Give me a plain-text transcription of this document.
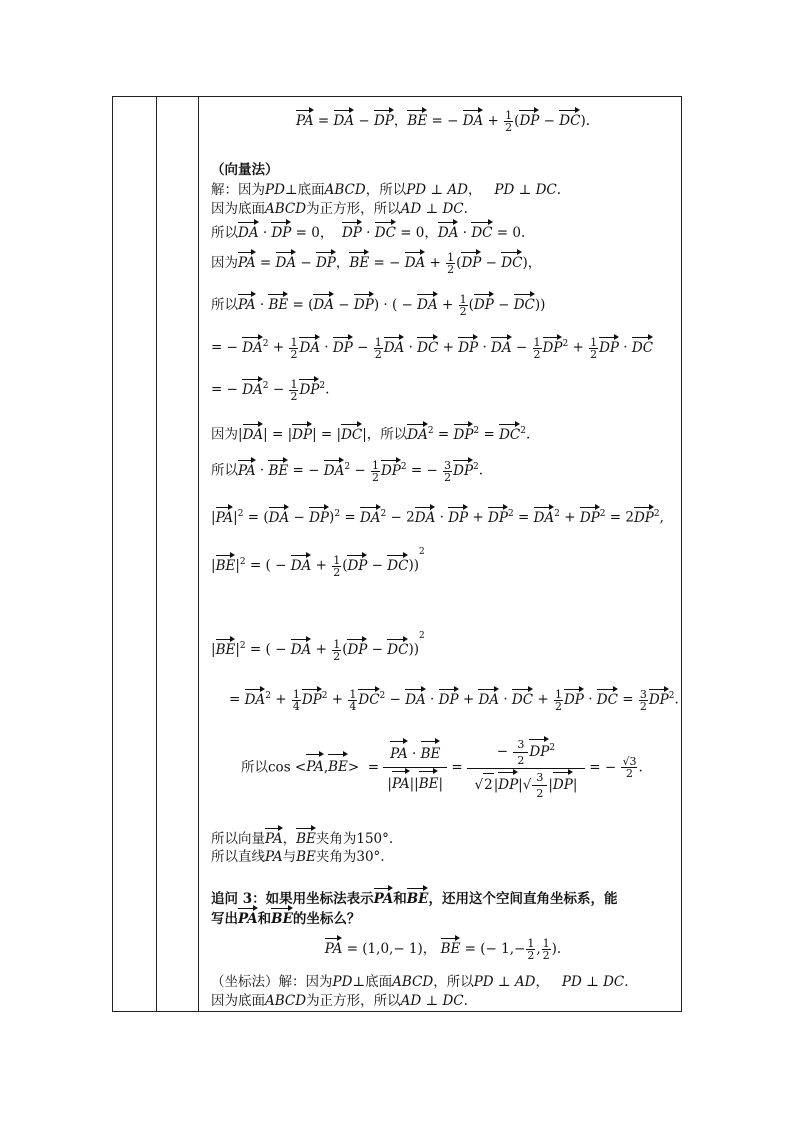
PA = DA − DP，BE = − DA + $\frac{1}{2} (DP - DC)$.
（向量法）
解：因为PD⊥底面ABCD，所以PD ⊥ AD，   PD ⊥ DC.
因为底面ABCD为正方形，所以AD ⊥ DC.
所以DA · DP = 0，  DP · DC = 0，DA · DC = 0.
因为PA = DA − DP，BE = − DA + $\frac{1}{2} (DP - DC)$，
所以PA · BE = (DA − DP) · ( − DA + $\frac{1}{2} (DP - DC)$)
= − $DA^2 + \frac{1}{2}$ DA · DP − $\frac{1}{2}$ DA · DC + DP · DA − $\frac{1}{2} DP^2 + \frac{1}{2}$ DP · DC
= − $DA^2 - \frac{1}{2} DP^2$.
因为|DA| = |DP| = |DC|，所以$DA^2 = DP^2 = DC^2$.
所以PA · BE = − $DA^2 - \frac{1}{2} DP^2$ = − $\frac{3}{2} DP^2$.
$|PA|^2 = (DA - DP)^2 = DA^2 - 2DA$ · DP + $DP^2 = DA^2 + DP^2 = 2DP^2$,
$|BE|^2$ = ( − DA + $\frac{1}{2} (DP - DC))^2$
$|BE|^2$ = ( − DA + $\frac{1}{2} (DP - DC))^2$
= $DA^2 + \frac{1}{4} DP^2 + \frac{1}{4} DC^2$ − DA · DP + DA · DC + $\frac{1}{2}$ DP · DC = $\frac{3}{2} DP^2$.
所以$\cos <PA,BE> = \frac{PA \cdot BE}{|PA||BE|} = \frac{- \frac{3}{2} DP^2}{√2|DP|√ \frac{3}{2} |DP|}$ = − $\frac{√3}{2}$ .
所以向量PA，BE夹角为150°.
所以直线PA与BE夹角为30°.
追问 3：如果用坐标法表示PA和BE，还用这个空间直角坐标系，能
写出PA和BE的坐标么？
PA = (1,0,− 1)， BE = (− $1,- \frac{1}{2}$ , $\frac{1}{2}$ ).
（坐标法）解：因为PD⊥底面ABCD，所以PD ⊥ AD，   PD ⊥ DC.
因为底面ABCD为正方形，所以AD ⊥ DC.
